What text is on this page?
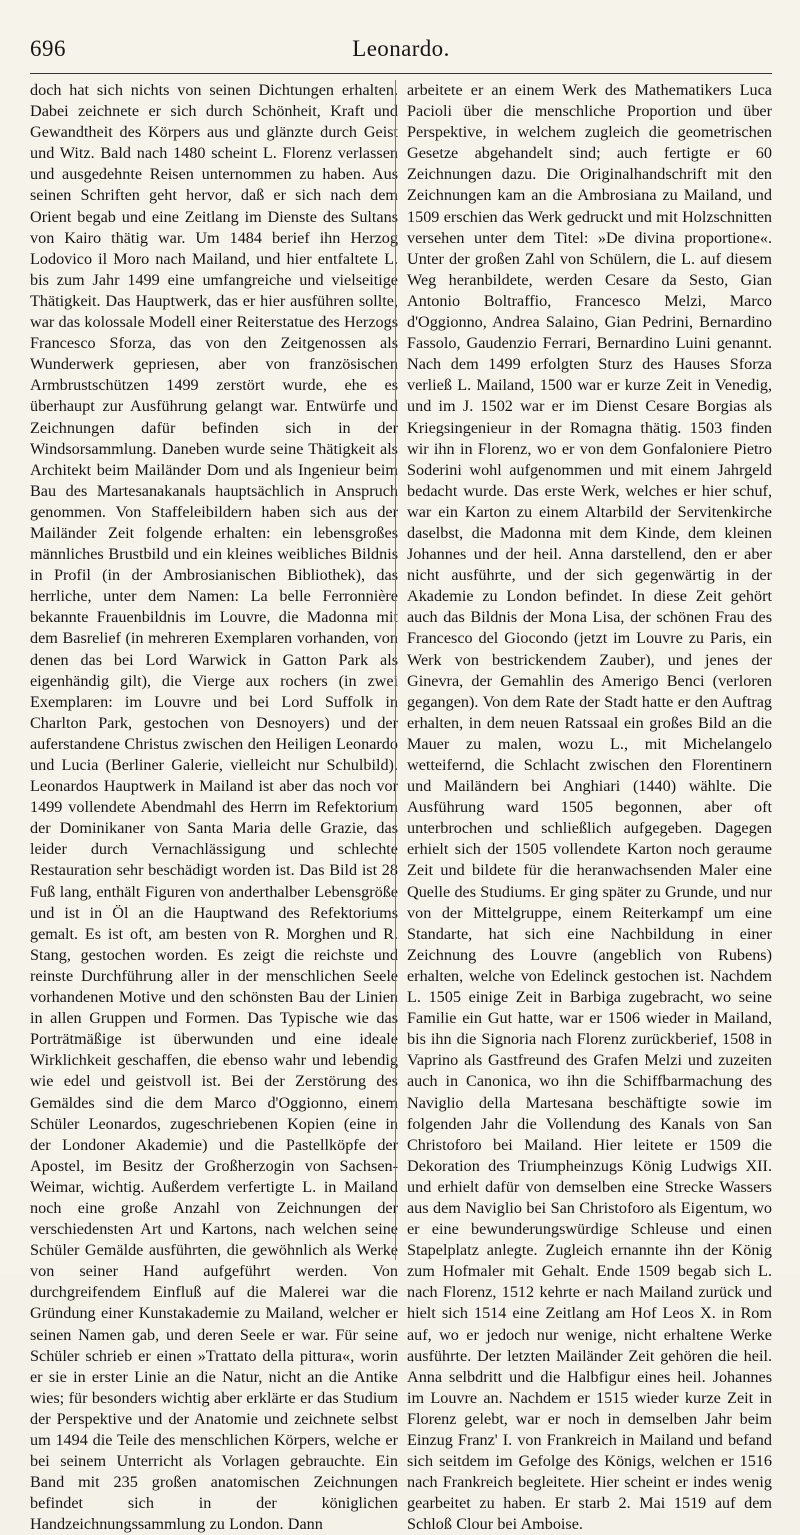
696	Leonardo.

doch hat sich nichts von seinen Dichtungen erhalten. Dabei zeichnete er sich durch Schönheit, Kraft und Gewandtheit des Körpers aus und glänzte durch Geist und Witz. Bald nach 1480 scheint L. Florenz verlassen und ausgedehnte Reisen unternommen zu haben. Aus seinen Schriften geht hervor, daß er sich nach dem Orient begab und eine Zeitlang im Dienste des Sultans von Kairo thätig war. Um 1484 berief ihn Herzog Lodovico il Moro nach Mailand, und hier entfaltete L. bis zum Jahr 1499 eine umfangreiche und vielseitige Thätigkeit. Das Hauptwerk, das er hier ausführen sollte, war das kolossale Modell einer Reiterstatue des Herzogs Francesco Sforza, das von den Zeitgenossen als Wunderwerk gepriesen, aber von französischen Armbrustschützen 1499 zerstört wurde, ehe es überhaupt zur Ausführung gelangt war. Entwürfe und Zeichnungen dafür befinden sich in der Windsorsammlung. Daneben wurde seine Thätigkeit als Architekt beim Mailänder Dom und als Ingenieur beim Bau des Martesanakanals hauptsächlich in Anspruch genommen. Von Staffeleibildern haben sich aus der Mailänder Zeit folgende erhalten: ein lebensgroßes männliches Brustbild und ein kleines weibliches Bildnis in Profil (in der Ambrosianischen Bibliothek), das herrliche, unter dem Namen: La belle Ferronnière bekannte Frauenbildnis im Louvre, die Madonna mit dem Basrelief (in mehreren Exemplaren vorhanden, von denen das bei Lord Warwick in Gatton Park als eigenhändig gilt), die Vierge aux rochers (in zwei Exemplaren: im Louvre und bei Lord Suffolk in Charlton Park, gestochen von Desnoyers) und der auferstandene Christus zwischen den Heiligen Leonardo und Lucia (Berliner Galerie, vielleicht nur Schulbild). Leonardos Hauptwerk in Mailand ist aber das noch vor 1499 vollendete Abendmahl des Herrn im Refektorium der Dominikaner von Santa Maria delle Grazie, das leider durch Vernachlässigung und schlechte Restauration sehr beschädigt worden ist. Das Bild ist 28 Fuß lang, enthält Figuren von anderthalber Lebensgröße und ist in Öl an die Hauptwand des Refektoriums gemalt. Es ist oft, am besten von R. Morghen und R. Stang, gestochen worden. Es zeigt die reichste und reinste Durchführung aller in der menschlichen Seele vorhandenen Motive und den schönsten Bau der Linien in allen Gruppen und Formen. Das Typische wie das Porträtmäßige ist überwunden und eine ideale Wirklichkeit geschaffen, die ebenso wahr und lebendig wie edel und geistvoll ist. Bei der Zerstörung des Gemäldes sind die dem Marco d'Oggionno, einem Schüler Leonardos, zugeschriebenen Kopien (eine in der Londoner Akademie) und die Pastellköpfe der Apostel, im Besitz der Großherzogin von Sachsen-Weimar, wichtig. Außerdem verfertigte L. in Mailand noch eine große Anzahl von Zeichnungen der verschiedensten Art und Kartons, nach welchen seine Schüler Gemälde ausführten, die gewöhnlich als Werke von seiner Hand aufgeführt werden. Von durchgreifendem Einfluß auf die Malerei war die Gründung einer Kunstakademie zu Mailand, welcher er seinen Namen gab, und deren Seele er war. Für seine Schüler schrieb er einen »Trattato della pittura«, worin er sie in erster Linie an die Natur, nicht an die Antike wies; für besonders wichtig aber erklärte er das Studium der Perspektive und der Anatomie und zeichnete selbst um 1494 die Teile des menschlichen Körpers, welche er bei seinem Unterricht als Vorlagen gebrauchte. Ein Band mit 235 großen anatomischen Zeichnungen befindet sich in der königlichen Handzeichnungssammlung zu London. Dann

arbeitete er an einem Werk des Mathematikers Luca Pacioli über die menschliche Proportion und über Perspektive, in welchem zugleich die geometrischen Gesetze abgehandelt sind; auch fertigte er 60 Zeichnungen dazu. Die Originalhandschrift mit den Zeichnungen kam an die Ambrosiana zu Mailand, und 1509 erschien das Werk gedruckt und mit Holzschnitten versehen unter dem Titel: »De divina proportione«. Unter der großen Zahl von Schülern, die L. auf diesem Weg heranbildete, werden Cesare da Sesto, Gian Antonio Boltraffio, Francesco Melzi, Marco d'Oggionno, Andrea Salaino, Gian Pedrini, Bernardino Fassolo, Gaudenzio Ferrari, Bernardino Luini genannt. Nach dem 1499 erfolgten Sturz des Hauses Sforza verließ L. Mailand, 1500 war er kurze Zeit in Venedig, und im J. 1502 war er im Dienst Cesare Borgias als Kriegsingenieur in der Romagna thätig. 1503 finden wir ihn in Florenz, wo er von dem Gonfaloniere Pietro Soderini wohl aufgenommen und mit einem Jahrgeld bedacht wurde. Das erste Werk, welches er hier schuf, war ein Karton zu einem Altarbild der Servitenkirche daselbst, die Madonna mit dem Kinde, dem kleinen Johannes und der heil. Anna darstellend, den er aber nicht ausführte, und der sich gegenwärtig in der Akademie zu London befindet. In diese Zeit gehört auch das Bildnis der Mona Lisa, der schönen Frau des Francesco del Giocondo (jetzt im Louvre zu Paris, ein Werk von bestrickendem Zauber), und jenes der Ginevra, der Gemahlin des Amerigo Benci (verloren gegangen). Von dem Rate der Stadt hatte er den Auftrag erhalten, in dem neuen Ratssaal ein großes Bild an die Mauer zu malen, wozu L., mit Michelangelo wetteifernd, die Schlacht zwischen den Florentinern und Mailändern bei Anghiari (1440) wählte. Die Ausführung ward 1505 begonnen, aber oft unterbrochen und schließlich aufgegeben. Dagegen erhielt sich der 1505 vollendete Karton noch geraume Zeit und bildete für die heranwachsenden Maler eine Quelle des Studiums. Er ging später zu Grunde, und nur von der Mittelgruppe, einem Reiterkampf um eine Standarte, hat sich eine Nachbildung in einer Zeichnung des Louvre (angeblich von Rubens) erhalten, welche von Edelinck gestochen ist. Nachdem L. 1505 einige Zeit in Barbiga zugebracht, wo seine Familie ein Gut hatte, war er 1506 wieder in Mailand, bis ihn die Signoria nach Florenz zurückberief, 1508 in Vaprino als Gastfreund des Grafen Melzi und zuzeiten auch in Canonica, wo ihn die Schiffbarmachung des Naviglio della Martesana beschäftigte sowie im folgenden Jahr die Vollendung des Kanals von San Christoforo bei Mailand. Hier leitete er 1509 die Dekoration des Triumpheinzugs König Ludwigs XII. und erhielt dafür von demselben eine Strecke Wassers aus dem Naviglio bei San Christoforo als Eigentum, wo er eine bewunderungswürdige Schleuse und einen Stapelplatz anlegte. Zugleich ernannte ihn der König zum Hofmaler mit Gehalt. Ende 1509 begab sich L. nach Florenz, 1512 kehrte er nach Mailand zurück und hielt sich 1514 eine Zeitlang am Hof Leos X. in Rom auf, wo er jedoch nur wenige, nicht erhaltene Werke ausführte. Der letzten Mailänder Zeit gehören die heil. Anna selbdritt und die Halbfigur eines heil. Johannes im Louvre an. Nachdem er 1515 wieder kurze Zeit in Florenz gelebt, war er noch in demselben Jahr beim Einzug Franz' I. von Frankreich in Mailand und befand sich seitdem im Gefolge des Königs, welchen er 1516 nach Frankreich begleitete. Hier scheint er indes wenig gearbeitet zu haben. Er starb 2. Mai 1519 auf dem Schloß Clour bei Amboise.
